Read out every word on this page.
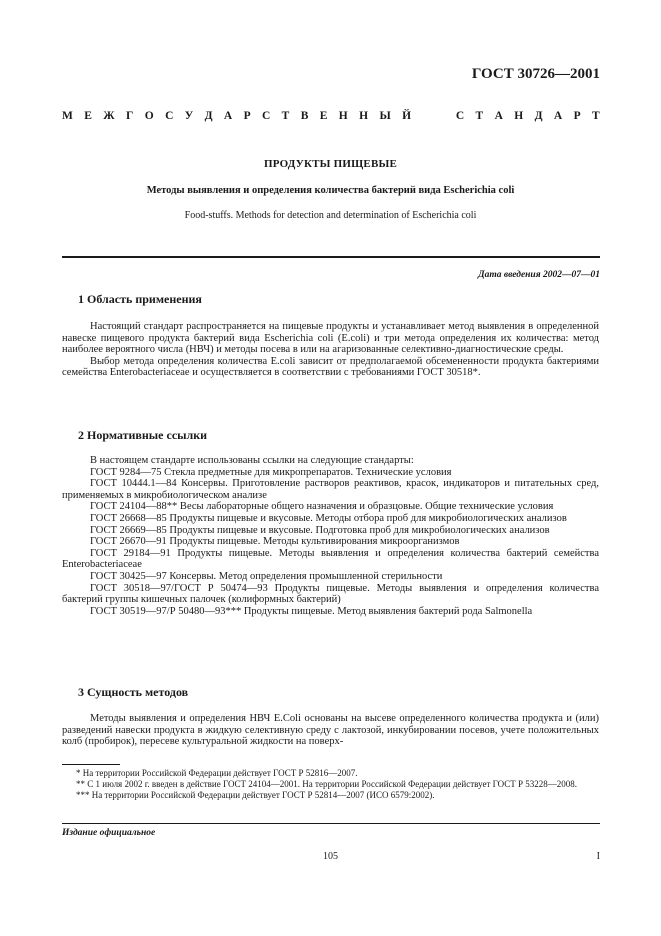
ГОСТ 30726—2001
М Е Ж Г О С У Д А Р С Т В Е Н Н Ы Й	С Т А Н Д А Р Т
ПРОДУКТЫ ПИЩЕВЫЕ
Методы выявления и определения количества бактерий вида Escherichia coli
Food-stuffs. Methods for detection and determination of Escherichia coli
Дата введения 2002—07—01
1 Область применения

Настоящий стандарт распространяется на пищевые продукты и устанавливает метод выявления в определенной навеске пищевого продукта бактерий вида Escherichia coli (E.coli) и три метода определения их количества: метод наиболее вероятного числа (НВЧ) и методы посева в или на агаризованные селективно-диагностические среды.

Выбор метода определения количества E.coli зависит от предполагаемой обсемененности продукта бактериями семейства Enterobacteriaceae и осуществляется в соответствии с требованиями ГОСТ 30518*.

2 Нормативные ссылки

В настоящем стандарте использованы ссылки на следующие стандарты:

ГОСТ 9284—75 Стекла предметные для микропрепаратов. Технические условия

ГОСТ 10444.1—84 Консервы. Приготовление растворов реактивов, красок, индикаторов и питательных сред, применяемых в микробиологическом анализе

ГОСТ 24104—88** Весы лабораторные общего назначения и образцовые. Общие технические условия

ГОСТ 26668—85 Продукты пищевые и вкусовые. Методы отбора проб для микробиологических анализов

ГОСТ 26669—85 Продукты пищевые и вкусовые. Подготовка проб для микробиологических анализов

ГОСТ 26670—91 Продукты пищевые. Методы культивирования микроорганизмов

ГОСТ 29184—91 Продукты пищевые. Методы выявления и определения количества бактерий семейства Enterobacteriaceae

ГОСТ 30425—97 Консервы. Метод определения промышленной стерильности

ГОСТ 30518—97/ГОСТ Р 50474—93 Продукты пищевые. Методы выявления и определения количества бактерий группы кишечных палочек (колиформных бактерий)

ГОСТ 30519—97/Р 50480—93*** Продукты пищевые. Метод выявления бактерий рода Salmonella

3 Сущность методов

Методы выявления и определения НВЧ E.Coli основаны на высеве определенного количества продукта и (или) разведений навески продукта в жидкую селективную среду с лактозой, инкубировании посевов, учете положительных колб (пробирок), пересеве культуральной жидкости на поверх-

* На территории Российской Федерации действует ГОСТ Р 52816—2007.

** С 1 июля 2002 г. введен в действие ГОСТ 24104—2001. На территории Российской Федерации действует ГОСТ Р 53228—2008.

*** На территории Российской Федерации действует ГОСТ Р 52814—2007 (ИСО 6579:2002).

Издание официальное
105	I
